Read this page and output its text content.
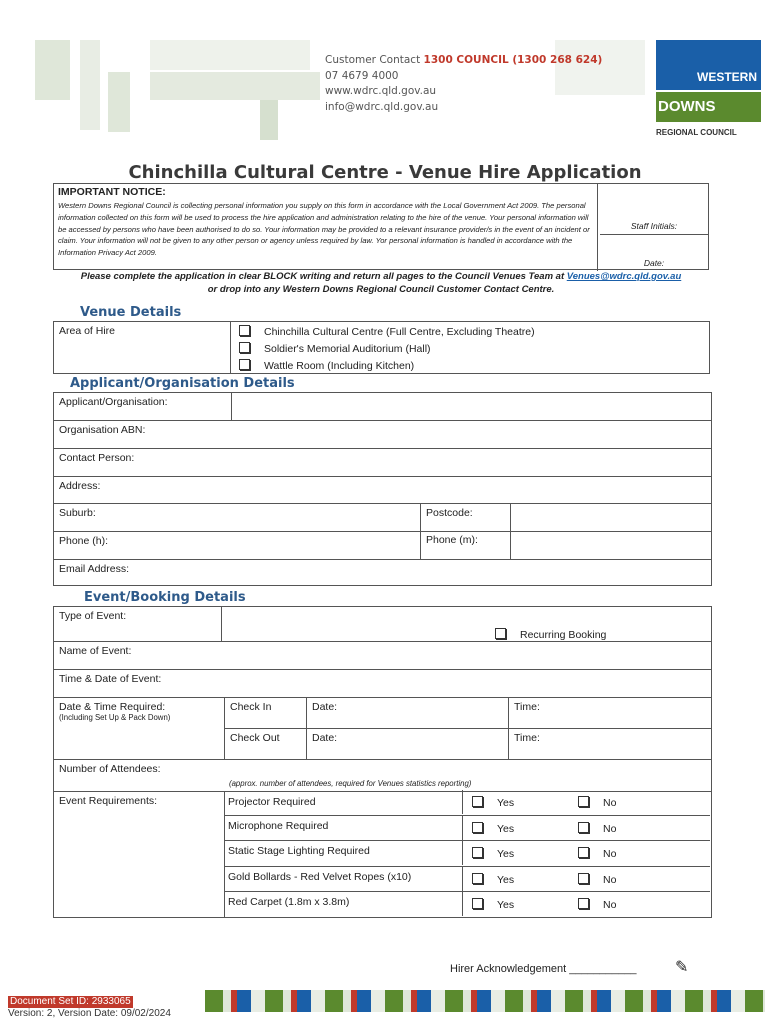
Customer Contact 1300 COUNCIL (1300 268 624)
07 4679 4000
www.wdrc.qld.gov.au
info@wdrc.qld.gov.au
WESTERN
DOWNS
REGIONAL COUNCIL
Chinchilla Cultural Centre - Venue Hire Application
IMPORTANT NOTICE:

Western Downs Regional Council is collecting personal information you supply on this form in accordance with the Local Government Act 2009. The personal information collected on this form will be used to process the hire application and administration relating to the hire of the venue. Your personal information will be accessed by persons who have been authorised to do so. Your information may be provided to a relevant insurance provider/s in the event of an incident or claim. Your information will not be given to any other person or agency unless required by law. Yor personal information is handled in accordance with the Information Privacy Act 2009.

Staff Initials:
Date:
Please complete the application in clear BLOCK writing and return all pages to the Council Venues Team at Venues@wdrc.qld.gov.au
or drop into any Western Downs Regional Council Customer Contact Centre.
Venue Details
Area of Hire	Chinchilla Cultural Centre (Full Centre, Excluding Theatre)
Soldier's Memorial Auditorium (Hall)
Wattle Room (Including Kitchen)
Applicant/Organisation Details
Applicant/Organisation:
Organisation ABN:
Contact Person:
Address:
Suburb:	Postcode:
Phone (h):	Phone (m):
Email Address:
Event/Booking Details
Type of Event:
Recurring Booking
Name of Event:
Time & Date of Event:
Date & Time Required:
(Including Set Up & Pack Down)
Check In	Date:	Time:
Check Out	Date:	Time:
Number of Attendees:
(approx. number of attendees, required for Venues statistics reporting)
Event Requirements:	Projector Required	Yes	No
Microphone Required	Yes	No
Static Stage Lighting Required	Yes	No
Gold Bollards - Red Velvet Ropes (x10)	Yes	No
Red Carpet (1.8m x 3.8m)	Yes	No
Hirer Acknowledgement ___________ ✎
Document Set ID: 2933065
Version: 2, Version Date: 09/02/2024
